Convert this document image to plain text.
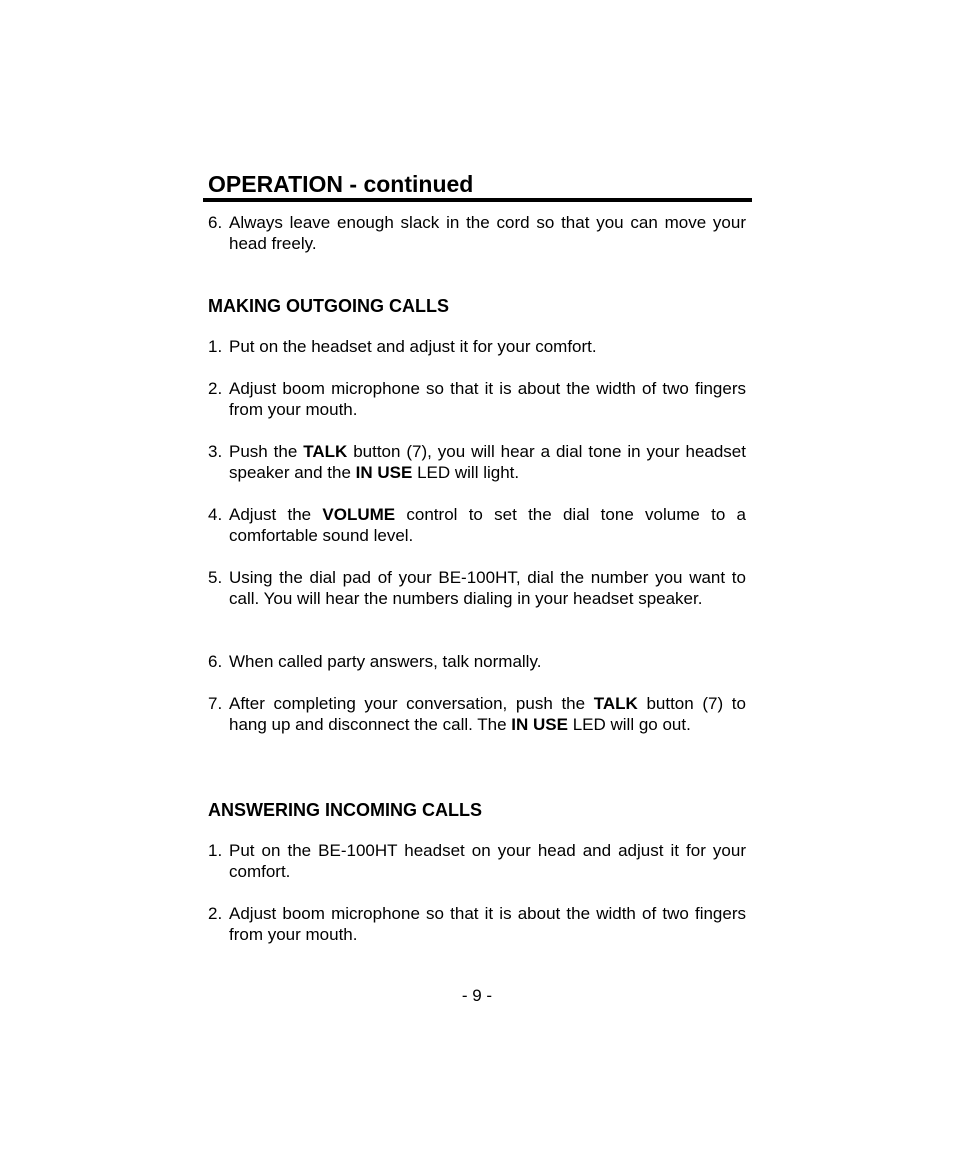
OPERATION - continued
6. Always leave enough slack in the cord so that you can move your head freely.
MAKING OUTGOING CALLS
1. Put on the headset and adjust it for your comfort.
2. Adjust boom microphone so that it is about the width of two fingers from your mouth.
3. Push the TALK button (7), you will hear a dial tone in your headset speaker and the IN USE LED will light.
4. Adjust the VOLUME control to set the dial tone volume to a comfortable sound level.
5. Using the dial pad of your BE-100HT, dial the number you want to call. You will hear the numbers dialing in your headset speaker.
6. When called party answers, talk normally.
7. After completing your conversation, push the TALK button (7) to hang up and disconnect the call. The IN USE LED will go out.
ANSWERING INCOMING CALLS
1. Put on the BE-100HT headset on your head and adjust it for your comfort.
2. Adjust boom microphone so that it is about the width of two fingers from your mouth.
- 9 -
